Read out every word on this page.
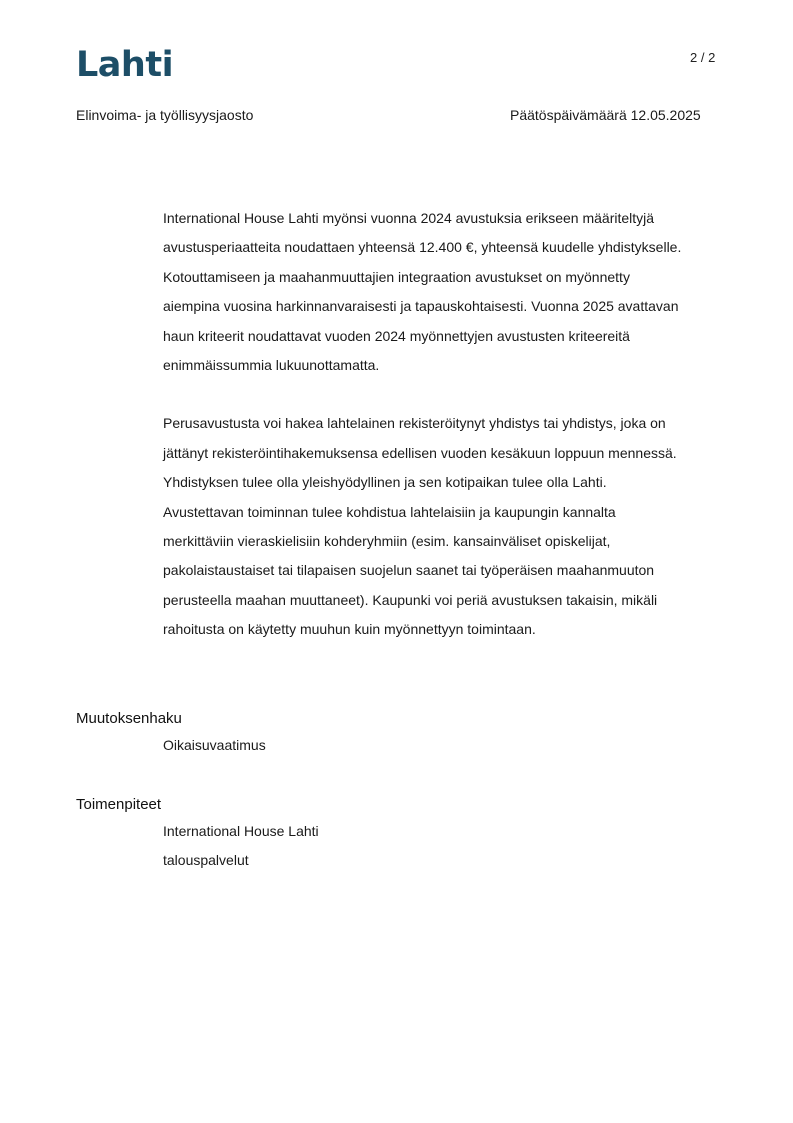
Lahti	2 / 2
Elinvoima- ja työllisyysjaosto	Päätöspäivämäärä 12.05.2025

International House Lahti myönsi vuonna 2024 avustuksia erikseen määriteltyjä
avustusperiaatteita noudattaen yhteensä 12.400 €, yhteensä kuudelle yhdistykselle.
Kotouttamiseen ja maahanmuuttajien integraation avustukset on myönnetty
aiempina vuosina harkinnanvaraisesti ja tapauskohtaisesti. Vuonna 2025 avattavan
haun kriteerit noudattavat vuoden 2024 myönnettyjen avustusten kriteereitä
enimmäissummia lukuunottamatta.

Perusavustusta voi hakea lahtelainen rekisteröitynyt yhdistys tai yhdistys, joka on
jättänyt rekisteröintihakemuksensa edellisen vuoden kesäkuun loppuun mennessä.
Yhdistyksen tulee olla yleishyödyllinen ja sen kotipaikan tulee olla Lahti.
Avustettavan toiminnan tulee kohdistua lahtelaisiin ja kaupungin kannalta
merkittäviin vieraskielisiin kohderyhmiin (esim. kansainväliset opiskelijat,
pakolaistaustaiset tai tilapaisen suojelun saanet tai työperäisen maahanmuuton
perusteella maahan muuttaneet). Kaupunki voi periä avustuksen takaisin, mikäli
rahoitusta on käytetty muuhun kuin myönnettyyn toimintaan.

Muutoksenhaku
Oikaisuvaatimus
Toimenpiteet
International House Lahti
talouspalvelut
